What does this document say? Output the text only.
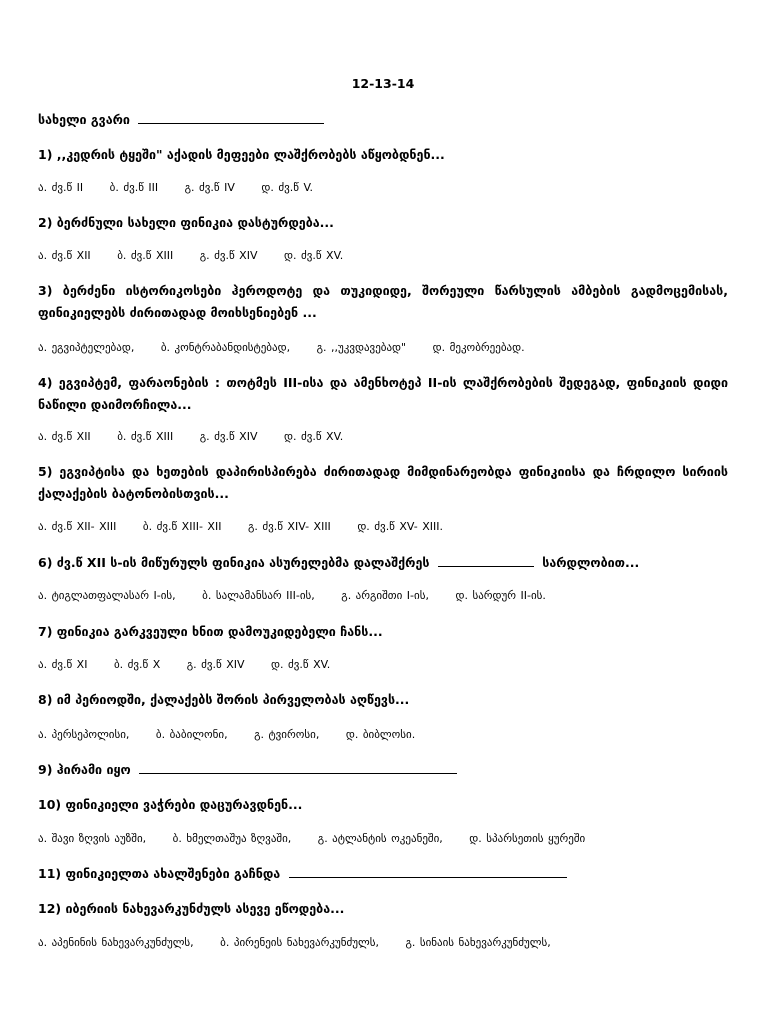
12-13-14
სახელი გვარი
1) ,,კედრის ტყეში" აქადის მეფეები ლაშქრობებს აწყობდნენ...
ა. ძვ.წ II ბ. ძვ.წ III გ. ძვ.წ IV დ. ძვ.წ V.
2) ბერძნული სახელი ფინიკია დასტურდება...
ა. ძვ.წ XII ბ. ძვ.წ XIII გ. ძვ.წ XIV დ. ძვ.წ XV.
3) ბერძენი ისტორიკოსები ჰეროდოტე და თუკიდიდე, შორეული წარსულის ამბების გადმოცემისას, ფინიკიელებს ძირითადად მოიხსენიებენ ...
ა. ეგვიპტელებად, ბ. კონტრაბანდისტებად, გ. ,,უკვდავებად" დ. მეკობრეებად.
4) ეგვიპტემ, ფარაონების : თოტმეს III-ისა და ამენხოტეპ II-ის ლაშქრობების შედეგად, ფინიკიის დიდი ნაწილი დაიმორჩილა...
ა. ძვ.წ XII ბ. ძვ.წ XIII გ. ძვ.წ XIV დ. ძვ.წ XV.
5) ეგვიპტისა და ხეთების დაპირისპირება ძირითადად მიმდინარეობდა ფინიკიისა და ჩრდილო სირიის ქალაქების ბატონობისთვის...
ა. ძვ.წ XII- XIII ბ. ძვ.წ XIII- XII გ. ძვ.წ XIV- XIII დ. ძვ.წ XV- XIII.
6) ძვ.წ XII ს-ის მიწურულს ფინიკია ასურელებმა დალაშქრეს	სარდლობით...
ა. ტიგლათფალასარ I-ის, ბ. სალამანსარ III-ის, გ. არგიშთი I-ის, დ. სარდურ II-ის.
7) ფინიკია გარკვეული ხნით დამოუკიდებელი ჩანს...
ა. ძვ.წ XI ბ. ძვ.წ X გ. ძვ.წ XIV დ. ძვ.წ XV.
8) იმ პერიოდში, ქალაქებს შორის პირველობას აღწევს...
ა. პერსეპოლისი, ბ. ბაბილონი, გ. ტვიროსი, დ. ბიბლოსი.
9) ჰირამი იყო
10) ფინიკიელი ვაჭრები დაცურავდნენ...
ა. შავი ზღვის აუზში, ბ. ხმელთაშუა ზღვაში, გ. ატლანტის ოკეანეში, დ. სპარსეთის ყურეში
11) ფინიკიელთა ახალშენები გაჩნდა
12) იბერიის ნახევარკუნძულს ასევე ეწოდება...
ა. აპენინის ნახევარკუნძულს, ბ. პირენეის ნახევარკუნძულს, გ. სინაის ნახევარკუნძულს,
